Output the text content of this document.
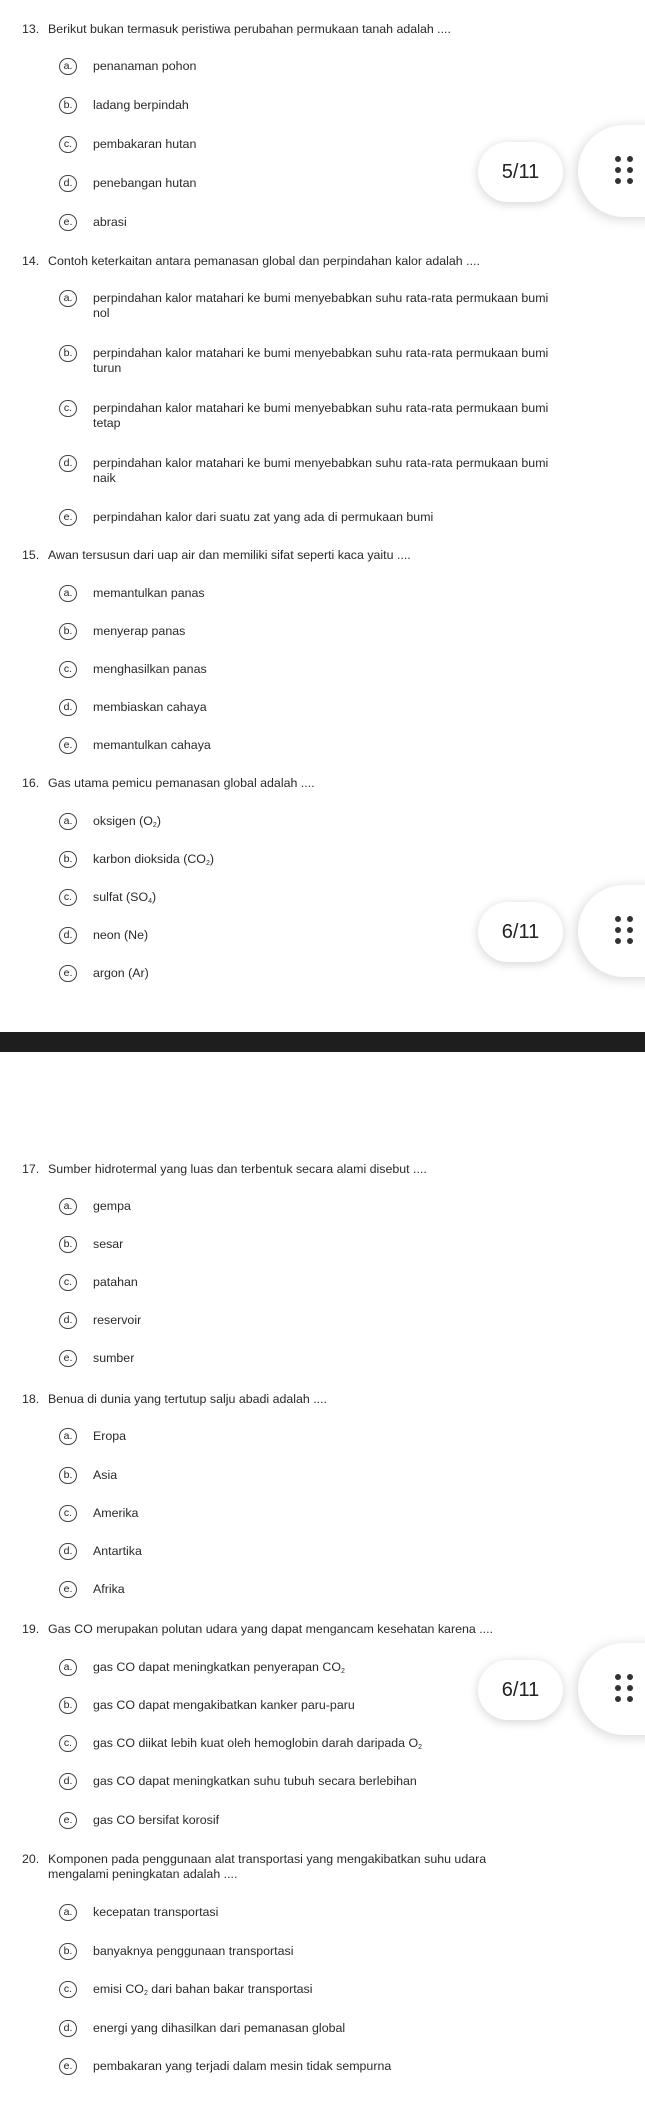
13. Berikut bukan termasuk peristiwa perubahan permukaan tanah adalah ....
a.	penanaman pohon
b.	ladang berpindah
c.	pembakaran hutan
d.	penebangan hutan
e.	abrasi
14. Contoh keterkaitan antara pemanasan global dan perpindahan kalor adalah ....
a.	perpindahan kalor matahari ke bumi menyebabkan suhu rata-rata permukaan bumi
nol
b.	perpindahan kalor matahari ke bumi menyebabkan suhu rata-rata permukaan bumi
turun
c.	perpindahan kalor matahari ke bumi menyebabkan suhu rata-rata permukaan bumi
tetap
d.	perpindahan kalor matahari ke bumi menyebabkan suhu rata-rata permukaan bumi
naik
e.	perpindahan kalor dari suatu zat yang ada di permukaan bumi
15. Awan tersusun dari uap air dan memiliki sifat seperti kaca yaitu ....
a.	memantulkan panas
b.	menyerap panas
c.	menghasilkan panas
d.	membiaskan cahaya
e.	memantulkan cahaya
16. Gas utama pemicu pemanasan global adalah ....
a.	oksigen $(O_2)$
b.	karbon dioksida $(CO_2)$
c.	sulfat $(SO_4)$
d.	neon (Ne)
e.	argon (Ar)
5/11
6/11
17. Sumber hidrotermal yang luas dan terbentuk secara alami disebut ....
a.	gempa
b.	sesar
c.	patahan
d.	reservoir
e.	sumber
18. Benua di dunia yang tertutup salju abadi adalah ....
a.	Eropa
b.	Asia
c.	Amerika
d.	Antartika
e.	Afrika
19. Gas CO merupakan polutan udara yang dapat mengancam kesehatan karena ....
a.	gas CO dapat meningkatkan penyerapan $CO_2$
b.	gas CO dapat mengakibatkan kanker paru-paru
c.	gas CO diikat lebih kuat oleh hemoglobin darah daripada $O_2$
d.	gas CO dapat meningkatkan suhu tubuh secara berlebihan
e.	gas CO bersifat korosif
20. Komponen pada penggunaan alat transportasi yang mengakibatkan suhu udara
mengalami peningkatan adalah ....
a.	kecepatan transportasi
b.	banyaknya penggunaan transportasi
c.	emisi $CO_2$ dari bahan bakar transportasi
d.	energi yang dihasilkan dari pemanasan global
e.	pembakaran yang terjadi dalam mesin tidak sempurna
6/11
